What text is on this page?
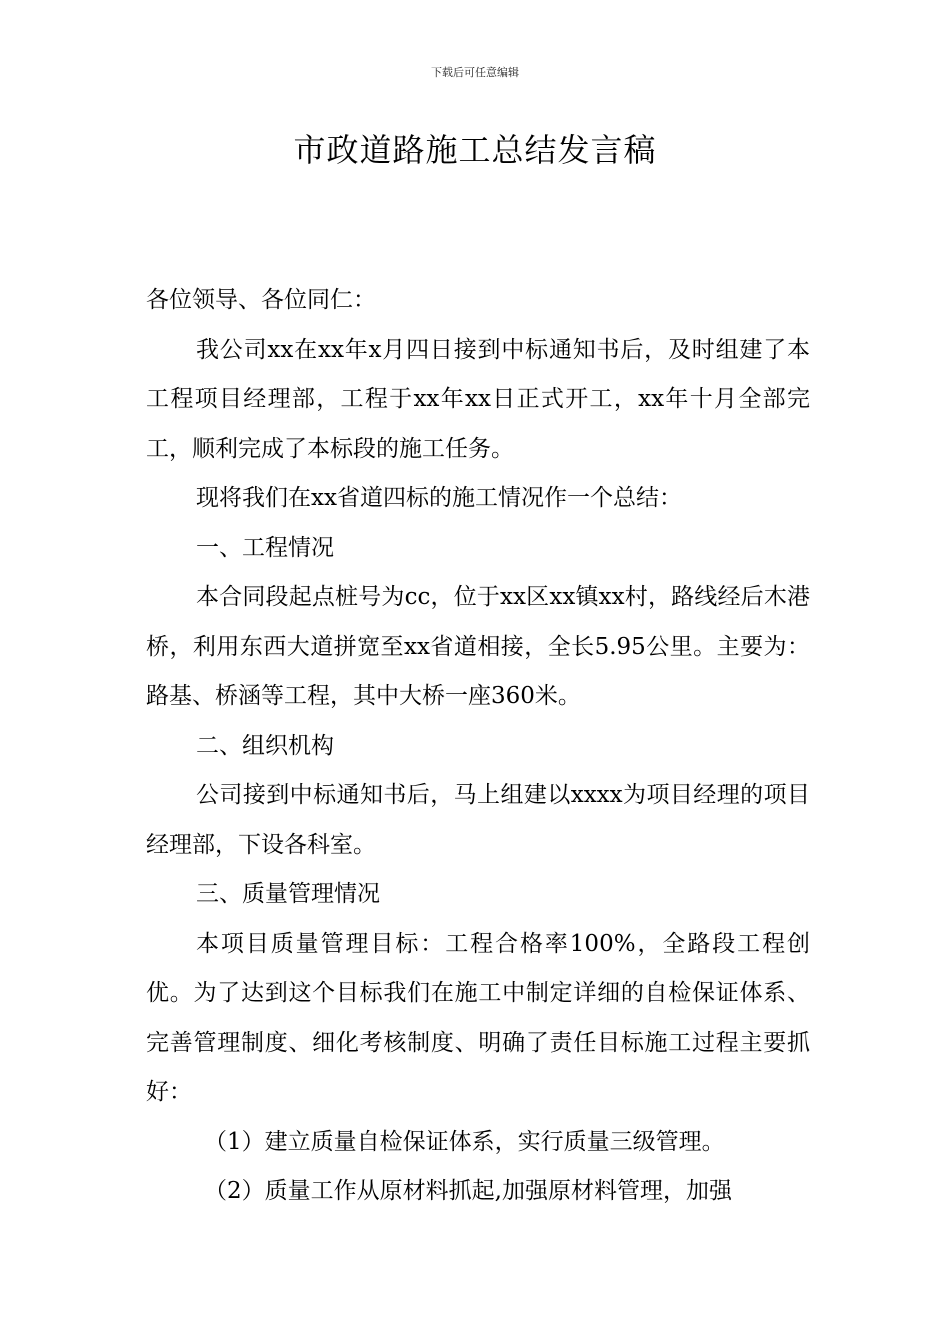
下载后可任意编辑
市政道路施工总结发言稿

各位领导、各位同仁：

我公司xx在xx年x月四日接到中标通知书后，及时组建了本工程项目经理部，工程于xx年xx日正式开工，xx年十月全部完工，顺利完成了本标段的施工任务。

现将我们在xx省道四标的施工情况作一个总结：

一、工程情况

本合同段起点桩号为cc，位于xx区xx镇xx村，路线经后木港桥，利用东西大道拼宽至xx省道相接，全长5.95公里。主要为：路基、桥涵等工程，其中大桥一座360米。

二、组织机构

公司接到中标通知书后，马上组建以xxxx为项目经理的项目经理部，下设各科室。

三、质量管理情况

本项目质量管理目标：工程合格率100%，全路段工程创优。为了达到这个目标我们在施工中制定详细的自检保证体系、完善管理制度、细化考核制度、明确了责任目标施工过程主要抓好：

（1）建立质量自检保证体系，实行质量三级管理。

（2）质量工作从原材料抓起,加强原材料管理，加强
